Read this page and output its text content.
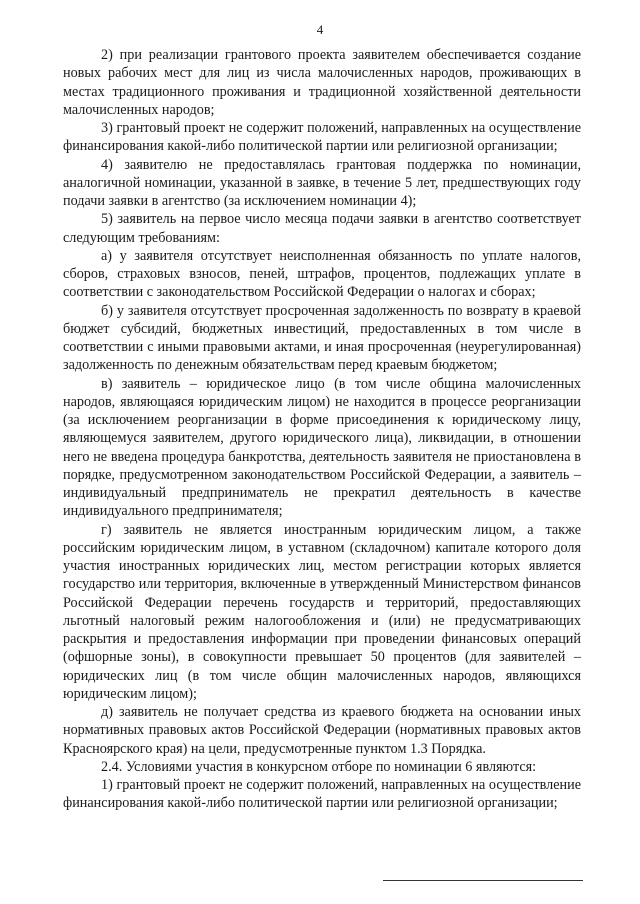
4

2) при реализации грантового проекта заявителем обеспечивается создание новых рабочих мест для лиц из числа малочисленных народов, проживающих в местах традиционного проживания и традиционной хозяйственной деятельности малочисленных народов;

3) грантовый проект не содержит положений, направленных на осуществление финансирования какой-либо политической партии или религиозной организации;

4) заявителю не предоставлялась грантовая поддержка по номинации, аналогичной номинации, указанной в заявке, в течение 5 лет, предшествующих году подачи заявки в агентство (за исключением номинации 4);

5) заявитель на первое число месяца подачи заявки в агентство соответствует следующим требованиям:

а) у заявителя отсутствует неисполненная обязанность по уплате налогов, сборов, страховых взносов, пеней, штрафов, процентов, подлежащих уплате в соответствии с законодательством Российской Федерации о налогах и сборах;

б) у заявителя отсутствует просроченная задолженность по возврату в краевой бюджет субсидий, бюджетных инвестиций, предоставленных в том числе в соответствии с иными правовыми актами, и иная просроченная (неурегулированная) задолженность по денежным обязательствам перед краевым бюджетом;

в) заявитель – юридическое лицо (в том числе община малочисленных народов, являющаяся юридическим лицом) не находится в процессе реорганизации (за исключением реорганизации в форме присоединения к юридическому лицу, являющемуся заявителем, другого юридического лица), ликвидации, в отношении него не введена процедура банкротства, деятельность заявителя не приостановлена в порядке, предусмотренном законодательством Российской Федерации, а заявитель – индивидуальный предприниматель не прекратил деятельность в качестве индивидуального предпринимателя;

г) заявитель не является иностранным юридическим лицом, а также российским юридическим лицом, в уставном (складочном) капитале которого доля участия иностранных юридических лиц, местом регистрации которых является государство или территория, включенные в утвержденный Министерством финансов Российской Федерации перечень государств и территорий, предоставляющих льготный налоговый режим налогообложения и (или) не предусматривающих раскрытия и предоставления информации при проведении финансовых операций (офшорные зоны), в совокупности превышает 50 процентов (для заявителей – юридических лиц (в том числе общин малочисленных народов, являющихся юридическим лицом);

д) заявитель не получает средства из краевого бюджета на основании иных нормативных правовых актов Российской Федерации (нормативных правовых актов Красноярского края) на цели, предусмотренные пунктом 1.3 Порядка.

2.4. Условиями участия в конкурсном отборе по номинации 6 являются:

1) грантовый проект не содержит положений, направленных на осуществление финансирования какой-либо политической партии или религиозной организации;
